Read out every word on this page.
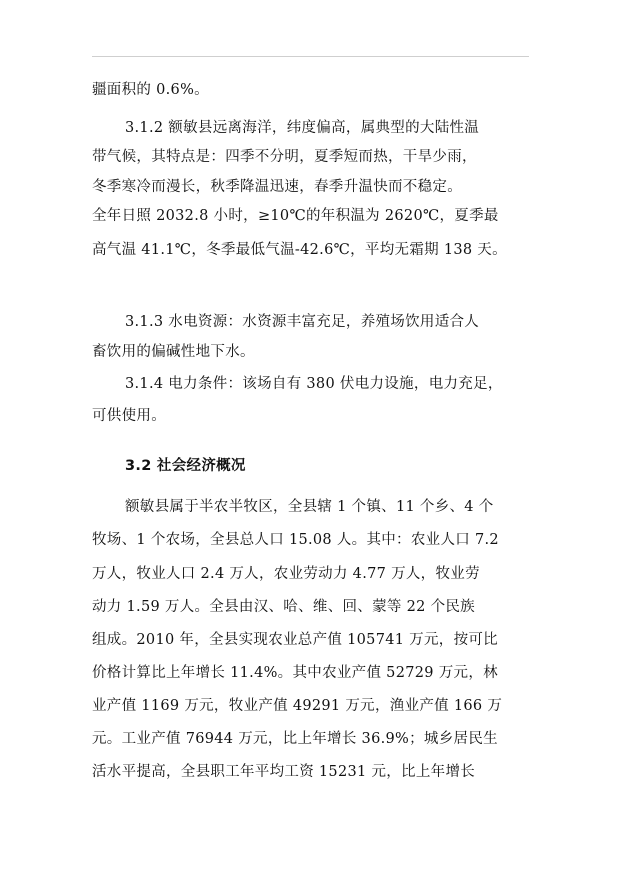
疆面积的 0.6%。
3.1.2 额敏县远离海洋，纬度偏高，属典型的大陆性温
带气候，其特点是：四季不分明，夏季短而热，干旱少雨，
冬季寒冷而漫长，秋季降温迅速，春季升温快而不稳定。
全年日照 2032.8 小时，≥10℃的年积温为 2620℃，夏季最
高气温 41.1℃，冬季最低气温-42.6℃，平均无霜期 138 天。
3.1.3 水电资源：水资源丰富充足，养殖场饮用适合人
畜饮用的偏碱性地下水。
3.1.4 电力条件：该场自有 380 伏电力设施，电力充足，
可供使用。
3.2 社会经济概况
额敏县属于半农半牧区，全县辖 1 个镇、11 个乡、4 个
牧场、1 个农场，全县总人口 15.08 人。其中：农业人口 7.2
万人，牧业人口 2.4 万人，农业劳动力 4.77 万人，牧业劳
动力 1.59 万人。全县由汉、哈、维、回、蒙等 22 个民族
组成。2010 年，全县实现农业总产值 105741 万元，按可比
价格计算比上年增长 11.4%。其中农业产值 52729 万元，林
业产值 1169 万元，牧业产值 49291 万元，渔业产值 166 万
元。工业产值 76944 万元，比上年增长 36.9%；城乡居民生
活水平提高，全县职工年平均工资 15231 元，比上年增长
